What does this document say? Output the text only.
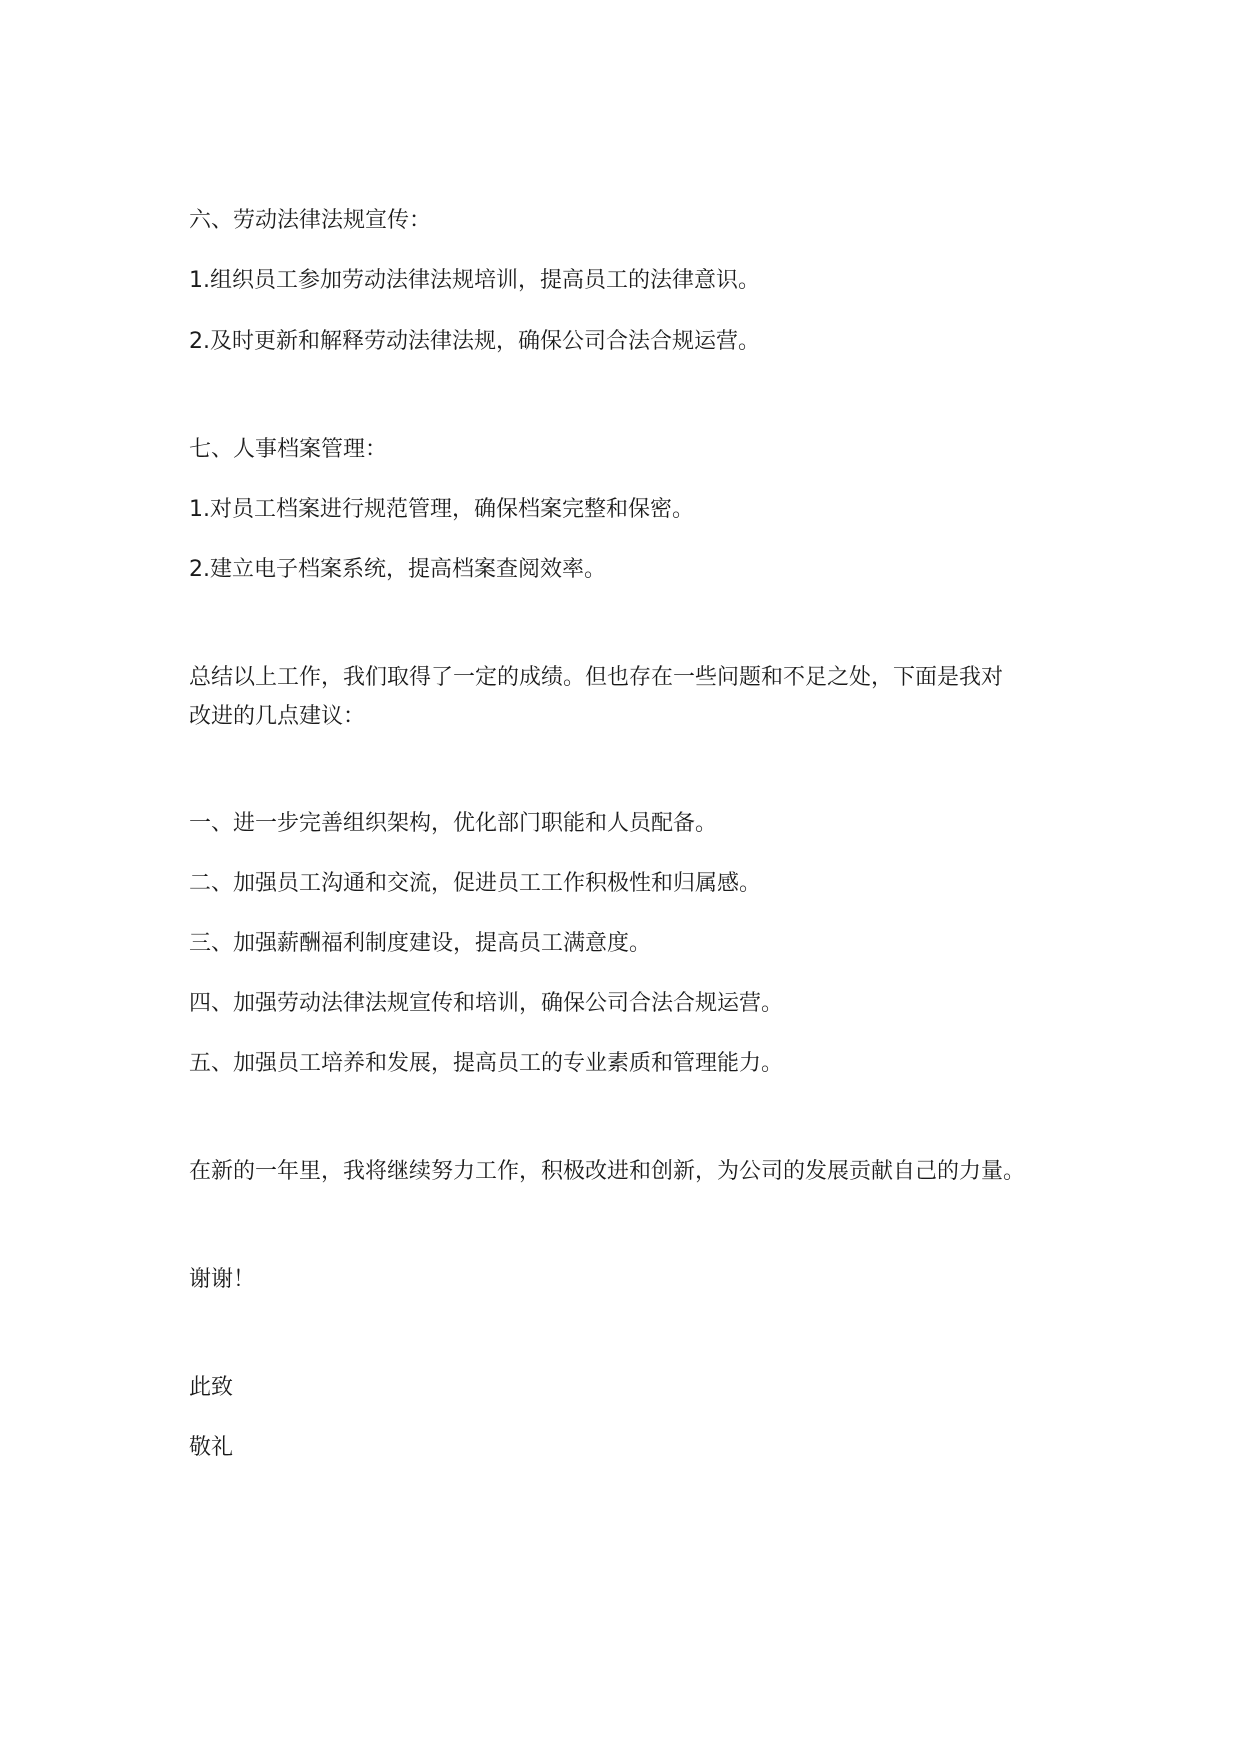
六、劳动法律法规宣传：

1.组织员工参加劳动法律法规培训，提高员工的法律意识。

2.及时更新和解释劳动法律法规，确保公司合法合规运营。

七、人事档案管理：

1.对员工档案进行规范管理，确保档案完整和保密。

2.建立电子档案系统，提高档案查阅效率。

总结以上工作，我们取得了一定的成绩。但也存在一些问题和不足之处，下面是我对

改进的几点建议：

一、进一步完善组织架构，优化部门职能和人员配备。

二、加强员工沟通和交流，促进员工工作积极性和归属感。

三、加强薪酬福利制度建设，提高员工满意度。

四、加强劳动法律法规宣传和培训，确保公司合法合规运营。

五、加强员工培养和发展，提高员工的专业素质和管理能力。

在新的一年里，我将继续努力工作，积极改进和创新，为公司的发展贡献自己的力量。

谢谢！

此致

敬礼
